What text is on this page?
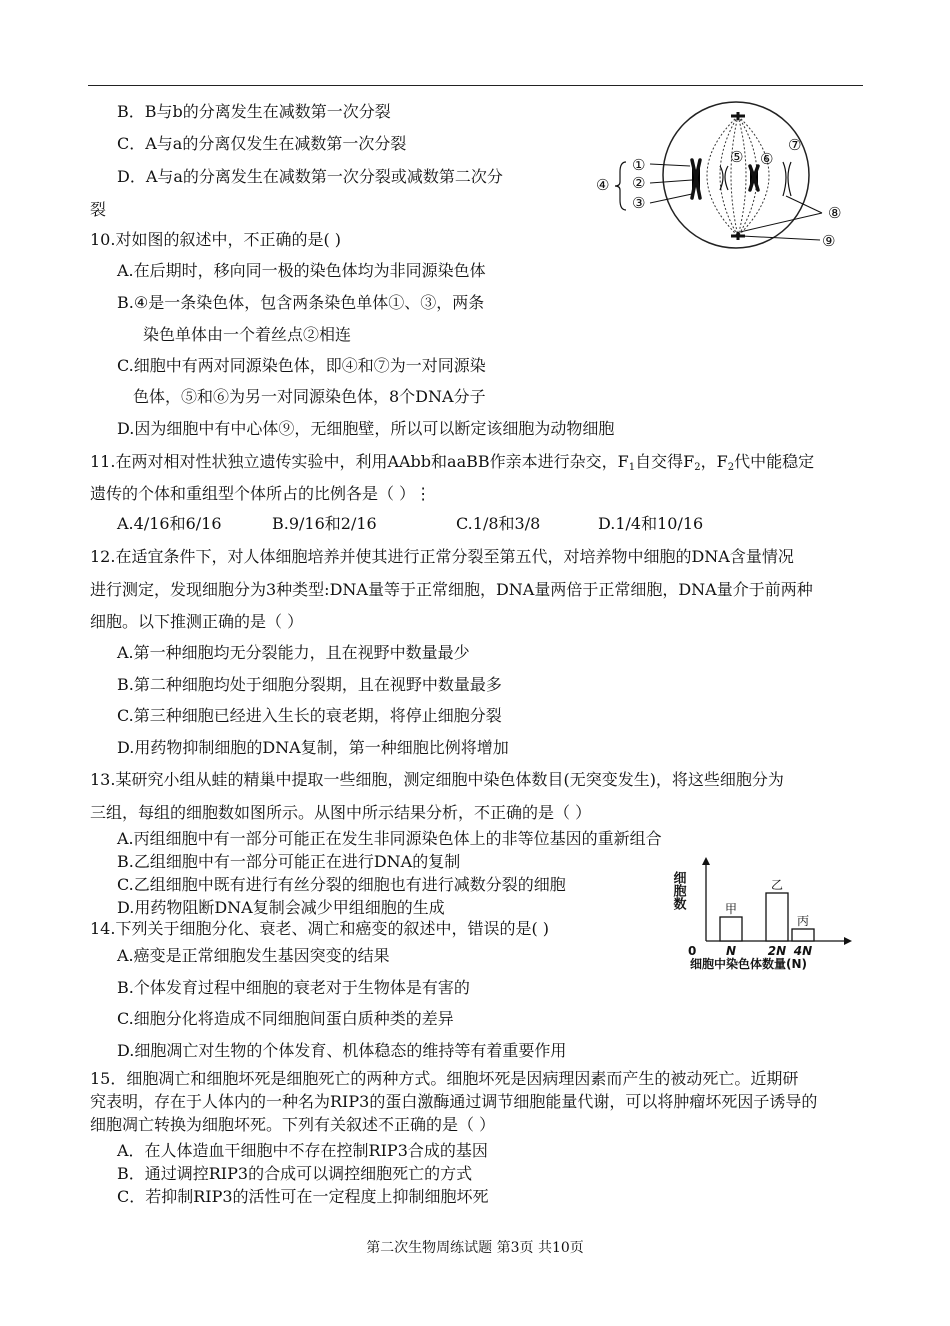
B．B与b的分离发生在减数第一次分裂
C．A与a的分离仅发生在减数第一次分裂
D．A与a的分离发生在减数第一次分裂或减数第二次分
裂
①
②
③
④
⑤ ⑥
⑦
⑧
⑨
10.对如图的叙述中，不正确的是( )
A.在后期时，移向同一极的染色体均为非同源染色体
B.④是一条染色体，包含两条染色单体①、③，两条
染色单体由一个着丝点②相连
C.细胞中有两对同源染色体，即④和⑦为一对同源染
色体，⑤和⑥为另一对同源染色体，8个DNA分子
D.因为细胞中有中心体⑨，无细胞壁，所以可以断定该细胞为动物细胞
11.在两对相对性状独立遗传实验中，利用AAbb和aaBB作亲本进行杂交，$F_1$自交得$F_2$，$F_2$代中能稳定
遗传的个体和重组型个体所占的比例各是（ ）⋮
A.4/16和6/16	B.9/16和2/16	C.1/8和3/8	D.1/4和10/16
12.在适宜条件下，对人体细胞培养并使其进行正常分裂至第五代，对培养物中细胞的DNA含量情况
进行测定，发现细胞分为3种类型:DNA量等于正常细胞，DNA量两倍于正常细胞，DNA量介于前两种
细胞。以下推测正确的是（ ）
A.第一种细胞均无分裂能力，且在视野中数量最少
B.第二种细胞均处于细胞分裂期，且在视野中数量最多
C.第三种细胞已经进入生长的衰老期，将停止细胞分裂
D.用药物抑制细胞的DNA复制，第一种细胞比例将增加
13.某研究小组从蛙的精巢中提取一些细胞，测定细胞中染色体数目(无突变发生)，将这些细胞分为
三组，每组的细胞数如图所示。从图中所示结果分析，不正确的是（ ）
A.丙组细胞中有一部分可能正在发生非同源染色体上的非等位基因的重新组合
B.乙组细胞中有一部分可能正在进行DNA的复制
C.乙组细胞中既有进行有丝分裂的细胞也有进行减数分裂的细胞
D.用药物阻断DNA复制会减少甲组细胞的生成	细胞数
0
甲
N
乙
2N
丙
4N
细胞中染色体数量(N)
14.下列关于细胞分化、衰老、凋亡和癌变的叙述中，错误的是( )
A.癌变是正常细胞发生基因突变的结果
B.个体发育过程中细胞的衰老对于生物体是有害的
C.细胞分化将造成不同细胞间蛋白质种类的差异
D.细胞凋亡对生物的个体发育、机体稳态的维持等有着重要作用
15．细胞凋亡和细胞坏死是细胞死亡的两种方式。细胞坏死是因病理因素而产生的被动死亡。近期研
究表明，存在于人体内的一种名为RIP3的蛋白激酶通过调节细胞能量代谢，可以将肿瘤坏死因子诱导的
细胞凋亡转换为细胞坏死。下列有关叙述不正确的是（ ）
A．在人体造血干细胞中不存在控制RIP3合成的基因
B．通过调控RIP3的合成可以调控细胞死亡的方式
C．若抑制RIP3的活性可在一定程度上抑制细胞坏死
第二次生物周练试题 第3页 共10页
